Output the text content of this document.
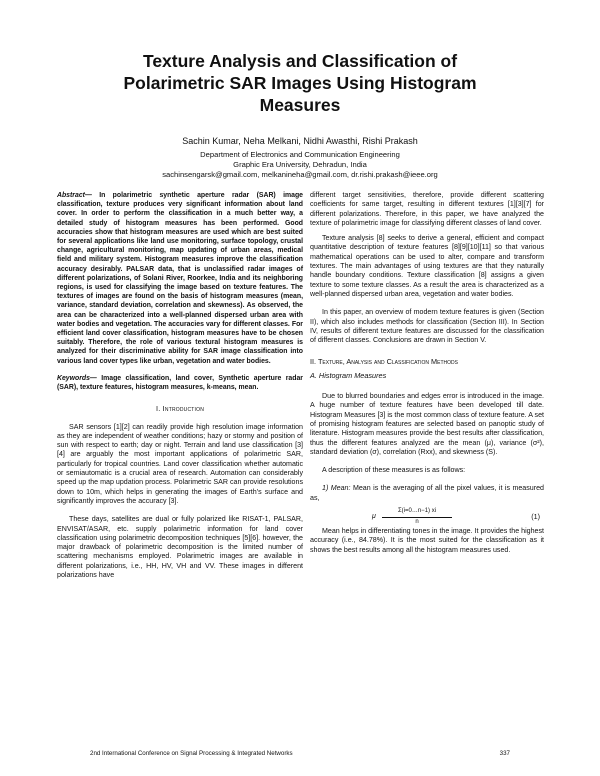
Texture Analysis and Classification of
Polarimetric SAR Images Using Histogram
Measures
Sachin Kumar, Neha Melkani, Nidhi Awasthi, Rishi Prakash
Department of Electronics and Communication Engineering
Graphic Era University, Dehradun, India
sachinsengarsk@gmail.com, melkanineha@gmail.com, dr.rishi.prakash@ieee.org
Abstract— In polarimetric synthetic aperture radar (SAR) image classification, texture produces very significant information about land cover. In order to perform the classification in a much better way, a detailed study of histogram measures has been performed. Good accuracies show that histogram measures are used which are best suited for several applications like land use monitoring, surface topology, crustal change, agricultural monitoring, map updating of urban areas, medical field and military system. Histogram measures improve the classification accuracy desirably. PALSAR data, that is unclassified radar images of different polarizations, of Solani River, Roorkee, India and its neighboring regions, is used for classifying the image based on texture features. The textures of images are found on the basis of histogram measures (mean, variance, standard deviation, correlation and skewness). As observed, the area can be characterized into a well-planned dispersed urban area with water bodies and vegetation. The accuracies vary for different classes. For efficient land cover classification, histogram measures have to be chosen suitably. Therefore, the role of various textural histogram measures is analyzed for their discriminative ability for SAR image classification into various land cover types like urban, vegetation and water bodies.
Keywords— Image classification, land cover, Synthetic aperture radar (SAR), texture features, histogram measures, k-means, mean.
I. Introduction

SAR sensors [1][2] can readily provide high resolution image information as they are independent of weather conditions; hazy or stormy and position of sun with respect to earth; day or night. Terrain and land use classification [3][4] are arguably the most important applications of polarimetric SAR, particularly for tropical countries. Land cover classification whether automatic or semiautomatic is a crucial area of research. Automation can considerably speed up the map updation process. Polarimetric SAR can provide resolutions down to 10m, which helps in generating the images of Earth's surface and significantly improves the accuracy [3].

These days, satellites are dual or fully polarized like RISAT-1, PALSAR, ENVISAT/ASAR, etc. supply polarimetric information for land cover classification using polarimetric decomposition techniques [5][6]. however, the major drawback of polarimetric decomposition is the limited number of scattering mechanisms employed. Polarimetric images are available in different polarizations, i.e., HH, HV, VH and VV. These images in different polarizations have

different target sensitivities, therefore, provide different scattering coefficients for same target, resulting in different textures [1][3][7] for different polarizations. Therefore, in this paper, we have analyzed the texture of polarimetric image for classifying different classes of land cover.

Texture analysis [8] seeks to derive a general, efficient and compact quantitative description of texture features [8][9][10][11] so that various mathematical operations can be used to alter, compare and transform textures. The main advantages of using textures are that they naturally handle boundary conditions. Texture classification [8] assigns a given texture to some texture classes. As a result the area is characterized as a well-planned dispersed urban area, vegetation and water bodies.

In this paper, an overview of modern texture features is given (Section II), which also includes methods for classification (Section III). In Section IV, results of different texture features are discussed for the classification of different classes. Conclusions are drawn in Section V.

II. Texture, Analysis and Classification Methods
A. Histogram Measures

Due to blurred boundaries and edges error is introduced in the image. A huge number of texture features have been developed till date. Histogram Measures [3] is the most common class of texture feature. A set of promising histogram features are selected based on panoptic study of literature. Histogram measures provide the best results after classification, thus the different features analyzed are the mean (μ), variance (σ²), standard deviation (σ), correlation (Rxx), and skewness (S).

A description of these measures is as follows:

1) Mean: Mean is the averaging of all the pixel values, it is measured as,

μ $\frac{\Sigma(i=0\dots n-1) xi}{n}$	(1)

Mean helps in differentiating tones in the image. It provides the highest accuracy (i.e., 84.78%). It is the most suited for the classification as it shows the best results among all the histogram measures used.

2nd International Conference on Signal Processing & Integrated Networks	337
